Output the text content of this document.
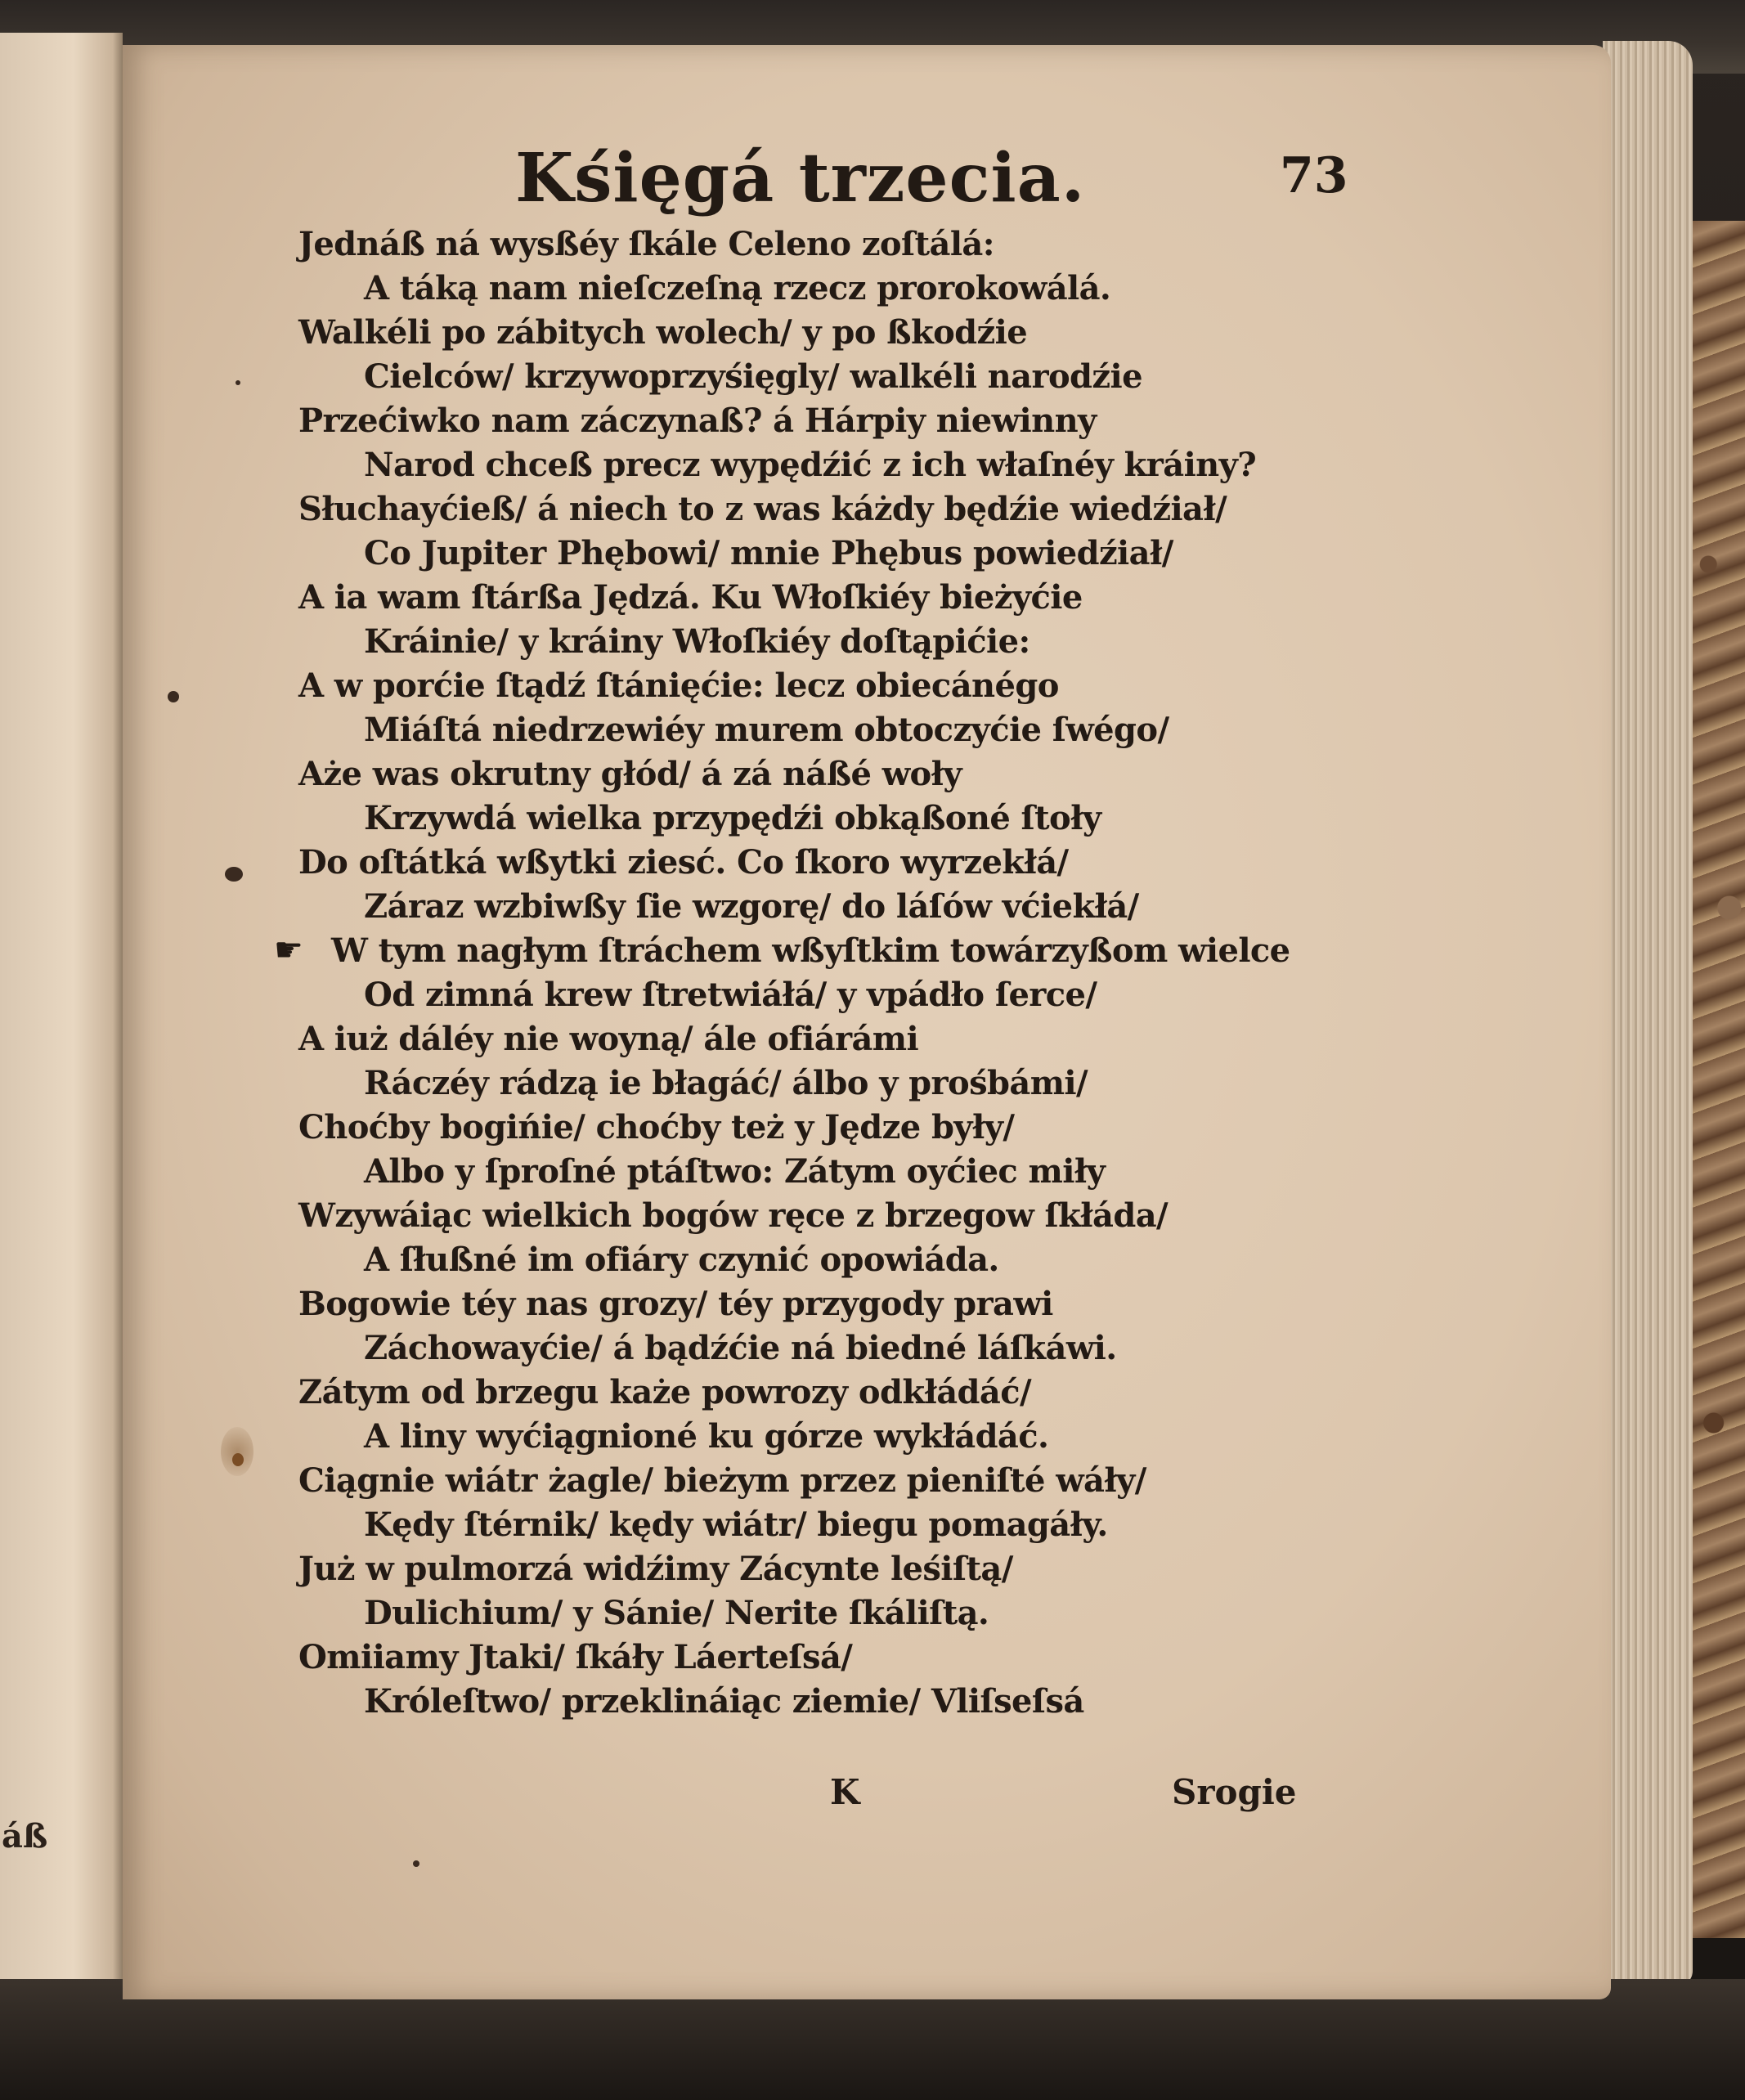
áß
Kśięgá trzecia.	73
Jednáß ná wysßéy ſkále Celeno zoſtálá:
A táką nam nieſczeſną rzecz prorokowálá.
Walkéli po zábitych wolech/ y po ßkodźie
Cielców/ krzywoprzyśięgly/ walkéli narodźie
Przećiwko nam záczynaß? á Hárpiy niewinny
Narod chceß precz wypędźić z ich właſnéy kráiny?
Słuchayćieß/ á niech to z was káżdy będźie wiedźiał/
Co Jupiter Phębowi/ mnie Phębus powiedźiał/
A ia wam ſtárßa Jędzá. Ku Włoſkiéy bieżyćie
Kráinie/ y kráiny Włoſkiéy doſtąpićie:
A w porćie ſtądź ſtánięćie: lecz obiecánégo
Miáſtá niedrzewiéy murem obtoczyćie ſwégo/
Aże was okrutny głód/ á zá náßé woły
Krzywdá wielka przypędźi obkąßoné ſtoły
Do oſtátká wßytki ziesć. Co ſkoro wyrzekłá/
Záraz wzbiwßy ſie wzgorę/ do láſów vćiekłá/
☛ W tym nagłym ſtráchem wßyſtkim towárzyßom wielce
Od zimná krew ſtretwiáłá/ y vpádło ſerce/
A iuż dáléy nie woyną/ ále ofiárámi
Ráczéy rádzą ie błagáć/ álbo y prośbámi/
Choćby bogińie/ choćby też y Jędze były/
Albo y ſproſné ptáſtwo: Zátym oyćiec miły
Wzywáiąc wielkich bogów ręce z brzegow ſkłáda/
A ſłußné im ofiáry czynić opowiáda.
Bogowie téy nas grozy/ téy przygody prawi
Záchowayćie/ á bądźćie ná biedné láſkáwi.
Zátym od brzegu każe powrozy odkłádáć/
A liny wyćiągnioné ku górze wykłádáć.
Ciągnie wiátr żagle/ bieżym przez pieniſté wáły/
Kędy ſtérnik/ kędy wiátr/ biegu pomagáły.
Już w pulmorzá widźimy Zácynte leśiſtą/
Dulichium/ y Sánie/ Nerite ſkáliſtą.
Omiiamy Jtaki/ ſkáły Láerteſsá/
Króleſtwo/ przeklináiąc ziemie/ Vliſseſsá
K	Srogie
